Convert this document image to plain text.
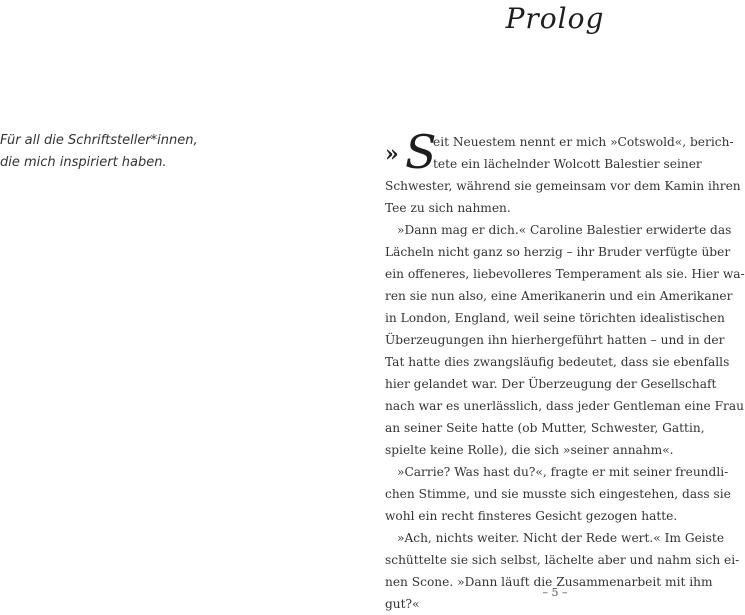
Prolog
Für all die Schriftsteller*innen,
die mich inspiriert haben.	» S
eit Neuestem nennt er mich »Cotswold«, berich-
tete ein lächelnder Wolcott Balestier seiner
Schwester, während sie gemeinsam vor dem Kamin ihren
Tee zu sich nahmen.
»Dann mag er dich.« Caroline Balestier erwiderte das
Lächeln nicht ganz so herzig – ihr Bruder verfügte über
ein offeneres, liebevolleres Temperament als sie. Hier wa-
ren sie nun also, eine Amerikanerin und ein Amerikaner
in London, England, weil seine törichten idealistischen
Überzeugungen ihn hierhergeführt hatten – und in der
Tat hatte dies zwangsläufig bedeutet, dass sie ebenfalls
hier gelandet war. Der Überzeugung der Gesellschaft
nach war es unerlässlich, dass jeder Gentleman eine Frau
an seiner Seite hatte (ob Mutter, Schwester, Gattin,
spielte keine Rolle), die sich »seiner annahm«.
»Carrie? Was hast du?«, fragte er mit seiner freundli-
chen Stimme, und sie musste sich eingestehen, dass sie
wohl ein recht finsteres Gesicht gezogen hatte.
»Ach, nichts weiter. Nicht der Rede wert.« Im Geiste
schüttelte sie sich selbst, lächelte aber und nahm sich ei-
nen Scone. »Dann läuft die Zusammenarbeit mit ihm
gut?«
– 5 –
